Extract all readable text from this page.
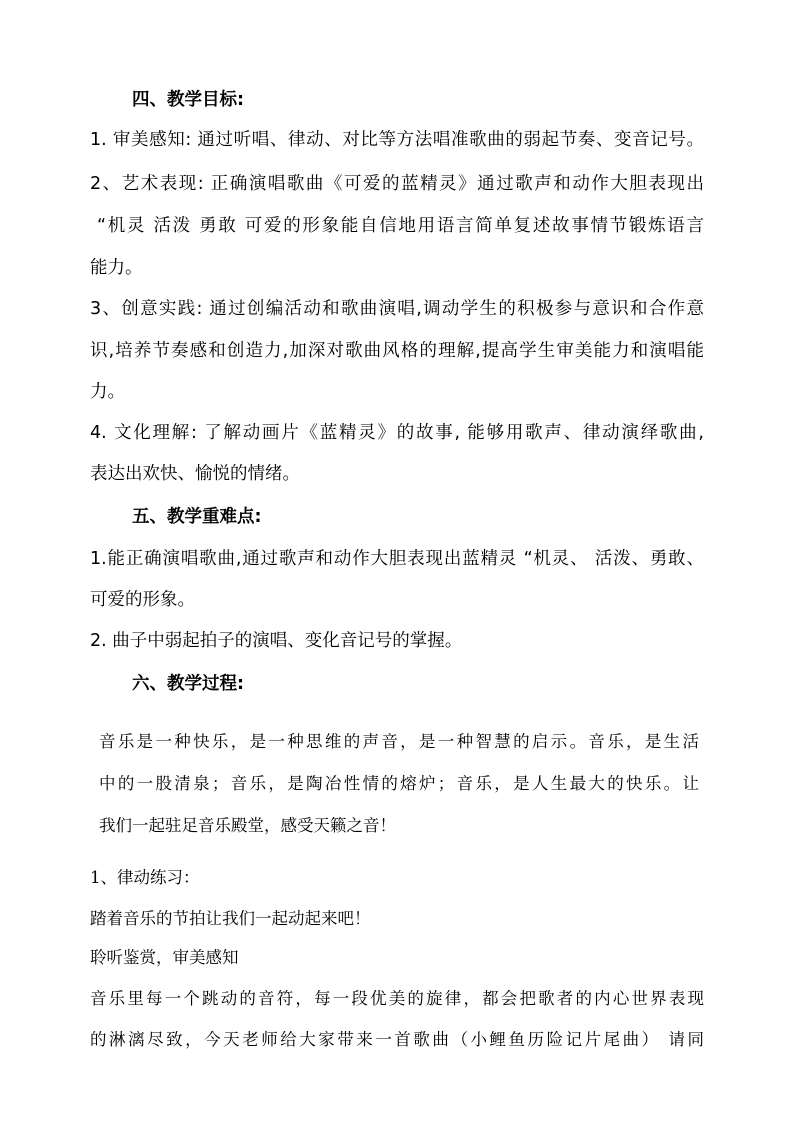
四、教学目标:
1. 审美感知: 通过听唱、律动、对比等方法唱准歌曲的弱起节奏、变音记号。
2、艺术表现: 正确演唱歌曲《可爱的蓝精灵》通过歌声和动作大胆表现出
“机灵 活泼 勇敢 可爱的形象能自信地用语言简单复述故事情节锻炼语言
能力。
3、创意实践: 通过创编活动和歌曲演唱,调动学生的积极参与意识和合作意
识,培养节奏感和创造力,加深对歌曲风格的理解,提高学生审美能力和演唱能
力。
4. 文化理解: 了解动画片《蓝精灵》的故事, 能够用歌声、律动演绎歌曲,
表达出欢快、愉悦的情绪。
五、教学重难点:
1.能正确演唱歌曲,通过歌声和动作大胆表现出蓝精灵 “机灵、 活泼、勇敢、
可爱的形象。
2. 曲子中弱起拍子的演唱、变化音记号的掌握。
六、教学过程:
音乐是一种快乐，是一种思维的声音，是一种智慧的启示。音乐，是生活
中的一股清泉；音乐，是陶冶性情的熔炉；音乐，是人生最大的快乐。让
我们一起驻足音乐殿堂，感受天籁之音！
1、律动练习：
踏着音乐的节拍让我们一起动起来吧！
聆听鉴赏，审美感知
音乐里每一个跳动的音符，每一段优美的旋律，都会把歌者的内心世界表现
的淋漓尽致，今天老师给大家带来一首歌曲（小鲤鱼历险记片尾曲） 请同
